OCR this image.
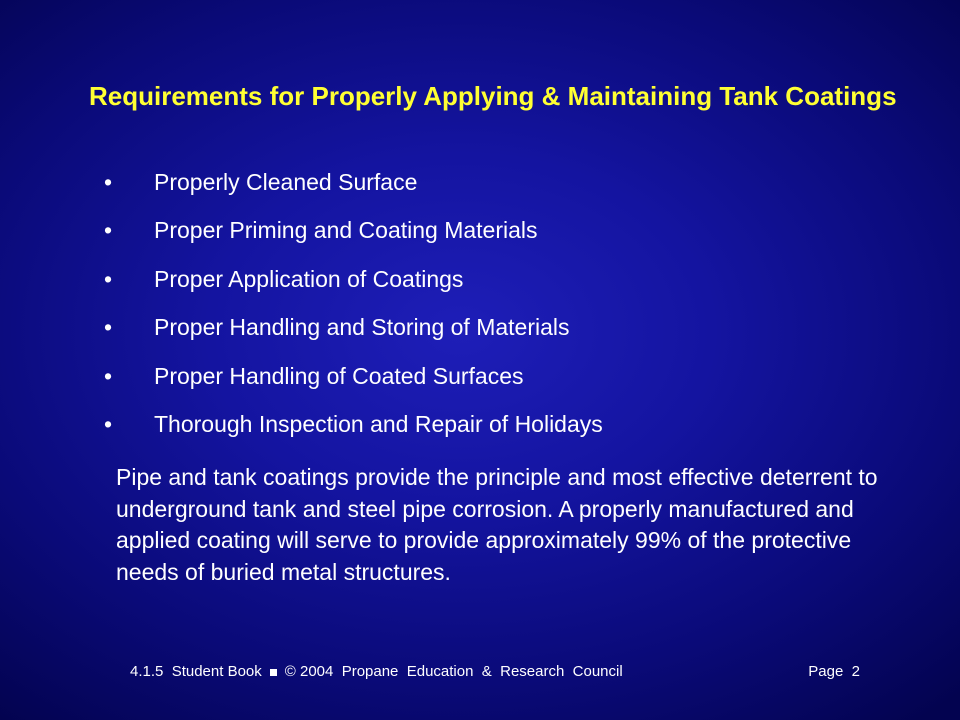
Requirements for Properly Applying & Maintaining Tank Coatings
•	Properly Cleaned Surface
•	Proper Priming and Coating Materials
•	Proper Application of Coatings
•	Proper Handling and Storing of Materials
•	Proper Handling of Coated Surfaces
•	Thorough Inspection and Repair of Holidays

Pipe and tank coatings provide the principle and most effective deterrent to underground tank and steel pipe corrosion. A properly manufactured and applied coating will serve to provide approximately 99% of the protective needs of buried metal structures.

4.1.5  Student Book © 2004  Propane  Education  &  Research  Council	Page  2
